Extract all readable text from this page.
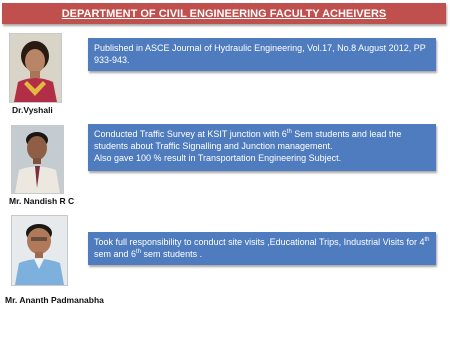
DEPARTMENT OF CIVIL ENGINEERING FACULTY ACHEIVERS
Dr.Vyshali
Published in ASCE Journal of Hydraulic Engineering, Vol.17, No.8 August 2012, PP 933-943.
Mr. Nandish R C
Conducted Traffic Survey at KSIT junction with 6th Sem students and lead the students about Traffic Signalling and Junction management.
Also gave 100 % result in Transportation Engineering Subject.
Mr. Ananth Padmanabha
Took full responsibility to conduct site visits ,Educational Trips, Industrial Visits for 4th sem and 6th sem students .
